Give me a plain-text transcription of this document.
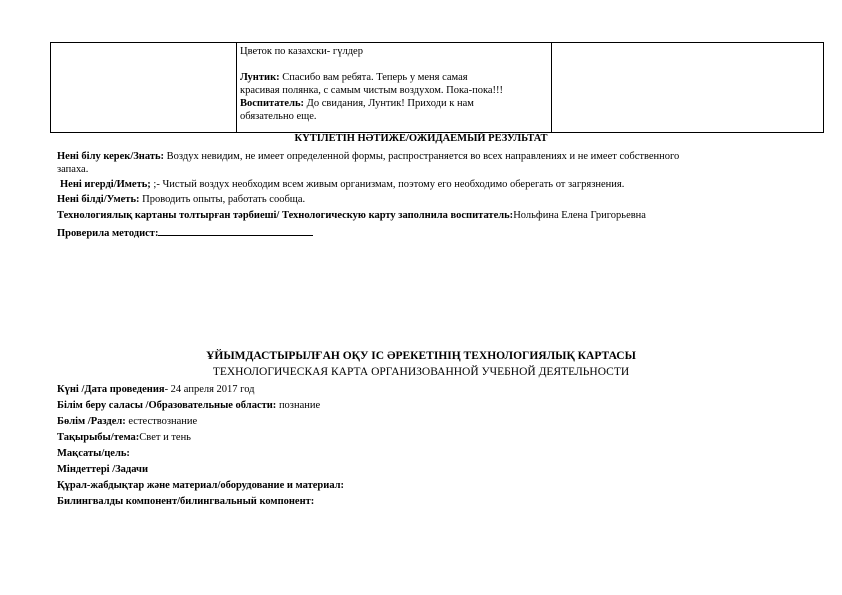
Цветок по казахски- гүлдер
Лунтик: Спасибо вам ребята. Теперь у меня самая
красивая полянка, с самым чистым воздухом. Пока-пока!!!
Воспитатель: До свидания, Лунтик! Приходи к нам
обязательно еще.

КҮТІЛЕТІН НӘТИЖЕ/ОЖИДАЕМЫЙ РЕЗУЛЬТАТ
Нені білу керек/Знать: Воздух невидим, не имеет определенной формы, распространяется во всех направлениях и не имеет собственного
запаха.
Нені игерді/Иметь; ;- Чистый воздух необходим всем живым организмам, поэтому его необходимо оберегать от загрязнения.
Нені білді/Уметь: Проводить опыты, работать сообща.
Технологиялық картаны толтырған тәрбиеші/ Технологическую карту заполнила воспитатель:Нольфина Елена Григорьевна
Проверила методист:
ҰЙЫМДАСТЫРЫЛҒАН ОҚУ ІС ӘРЕКЕТІНІҢ ТЕХНОЛОГИЯЛЫҚ КАРТАСЫ
ТЕХНОЛОГИЧЕСКАЯ КАРТА ОРГАНИЗОВАННОЙ УЧЕБНОЙ ДЕЯТЕЛЬНОСТИ
Күні /Дата проведения- 24 апреля 2017 год
Білім беру саласы /Образовательные области: познание
Бөлім /Раздел: естествознание
Тақырыбы/тема:Свет и тень
Мақсаты/цель:
Міндеттері /Задачи
Құрал-жабдықтар және материал/оборудование и материал:
Билингвалды компонент/билингвальный компонент:
